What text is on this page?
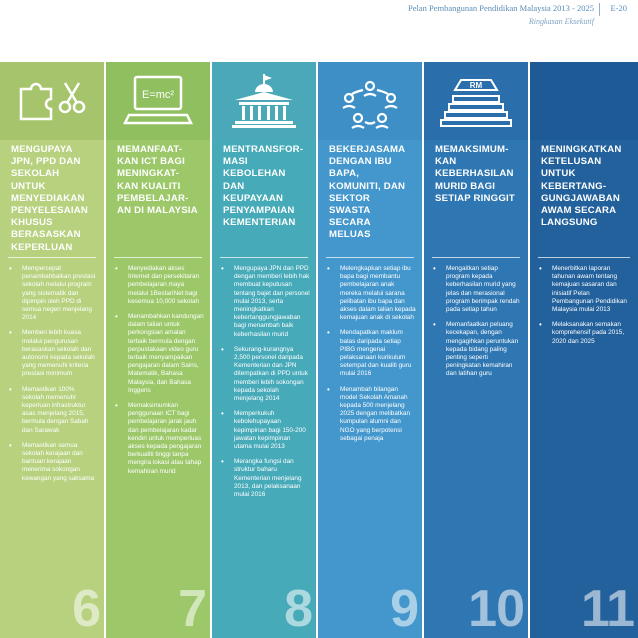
Pelan Pembangunan Pendidikan Malaysia 2013 - 2025 E-20
Ringkasan Eksekutif
MENGUPAYA
JPN, PPD DAN
SEKOLAH
UNTUK
MENYEDIAKAN
PENYELESAIAN
KHUSUS
BERASASKAN
KEPERLUAN
• Mempercepat penambahbaikan prestasi sekolah melalui program yang sistematik dan dipimpin oleh PPD di semua negeri menjelang 2014
• Memberi lebih kuasa melalui pengurusan berasaskan sekolah dan autonomi kepada sekolah yang memenuhi kriteria prestasi minimum
• Memastikan 100% sekolah memenuhi keperluan infrastruktur asas menjelang 2015, bermula dengan Sabah dan Sarawak
• Memastikan semua sekolah kerajaan dan bantuan kerajaan menerima sokongan kewangan yang saksama
6
E=mc²
MEMANFAAT-
KAN ICT BAGI
MENINGKAT-
KAN KUALITI
PEMBELAJAR-
AN DI MALAYSIA
• Menyediakan akses Internet dan persekitaran pembelajaran maya melalui 1BestariNet bagi kesemua 10,000 sekolah
• Menambahkan kandungan dalam talian untuk perkongsian amalan terbaik bermula dengan perpustakaan video guru terbaik menyampaikan pengajaran dalam Sains, Matematik, Bahasa Malaysia, dan Bahasa Inggeris
• Memaksimumkan penggunaan ICT bagi pembelajaran jarak jauh dan pembelajaran kadar kendiri untuk memperluas akses kepada pengajaran berkualiti tinggi tanpa mengira lokasi atau tahap kemahiran murid
7
MENTRANSFOR-
MASI
KEBOLEHAN
DAN
KEUPAYAAN
PENYAMPAIAN
KEMENTERIAN
• Mengupaya JPN dan PPD dengan memberi lebih hak membuat keputusan tentang bajet dan personel mulai 2013, serta meningkatkan kebertanggungjawaban bagi menambah baik keberhasilan murid
• Sekurang-kurangnya 2,500 personel daripada Kementerian dan JPN ditempatkan di PPD untuk memberi lebih sokongan kepada sekolah menjelang 2014
• Memperkukuh kebolehupayaan kepimpinan bagi 150-200 jawatan kepimpinan utama mulai 2013
• Merangka fungsi dan struktur baharu Kementerian menjelang 2013, dan pelaksanaan mulai 2016
8
BEKERJASAMA
DENGAN IBU
BAPA,
KOMUNITI, DAN
SEKTOR
SWASTA
SECARA
MELUAS
• Melengkapkan setiap ibu bapa bagi membantu pembelajaran anak mereka melalui sarana pelibatan ibu bapa dan akses dalam talian kepada kemajuan anak di sekolah
• Mendapatkan maklum balas daripada setiap PIBG mengenai pelaksanaan kurikulum setempat dan kualiti guru mulai 2016
• Menambah bilangan model Sekolah Amanah kepada 500 menjelang 2025 dengan melibatkan kumpulan alumni dan NGO yang berpotensi sebagai penaja
9
RM
MEMAKSIMUM-
KAN
KEBERHASILAN
MURID BAGI
SETIAP RINGGIT
• Mengaitkan setiap program kepada keberhasilan murid yang jelas dan merasional program berimpak rendah pada setiap tahun
• Memanfaatkan peluang kecekapan, dengan mengagihkan peruntukan kepada bidang paling penting seperti peningkatan kemahiran dan latihan guru
10
MENINGKATKAN
KETELUSAN
UNTUK
KEBERTANG-
GUNGJAWABAN
AWAM SECARA
LANGSUNG
• Menerbitkan laporan tahunan awam tentang kemajuan sasaran dan inisiatif Pelan Pembangunan Pendidikan Malaysia mulai 2013
• Melaksanakan semakan komprehensif pada 2015, 2020 dan 2025
11
